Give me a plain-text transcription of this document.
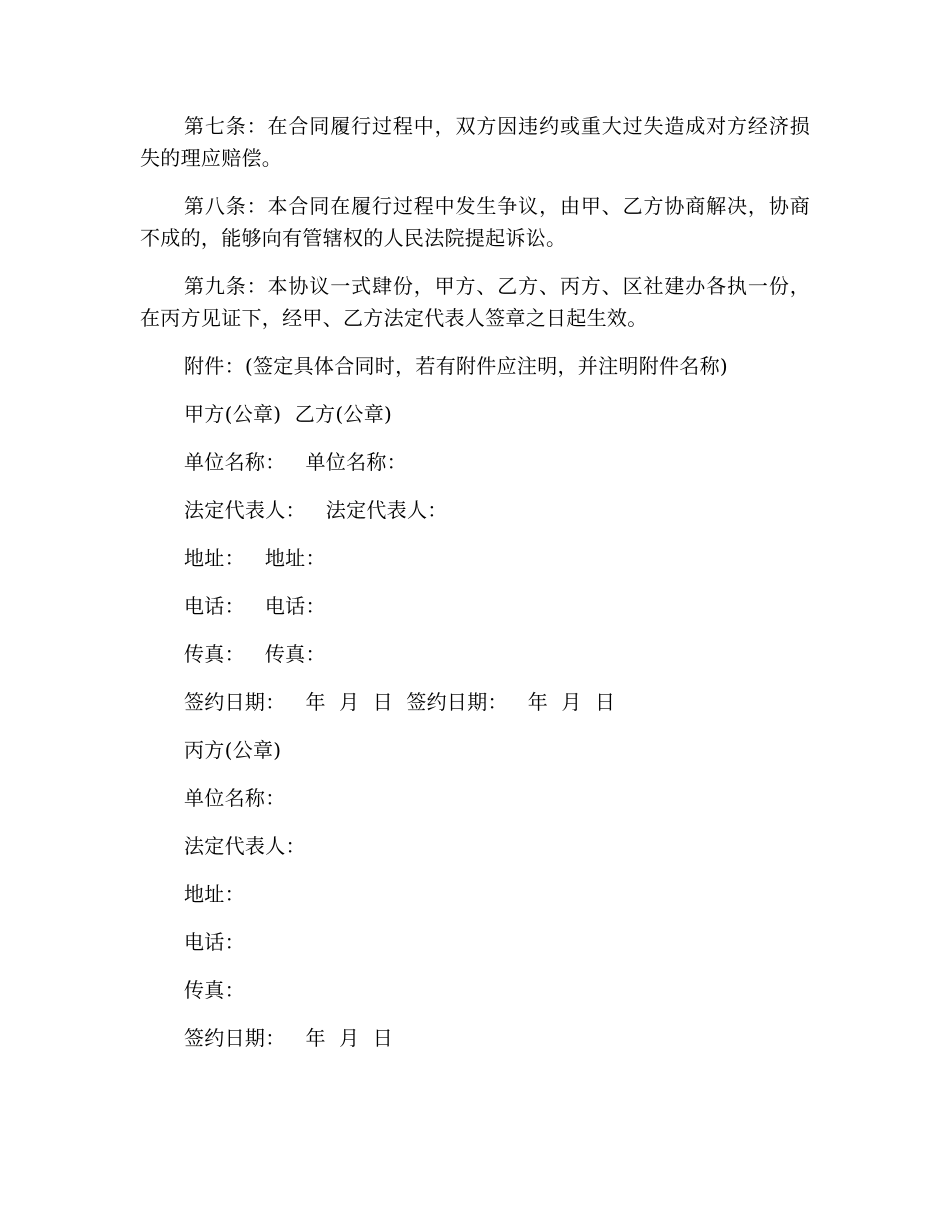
第七条：在合同履行过程中，双方因违约或重大过失造成对方经济损失的理应赔偿。

第八条：本合同在履行过程中发生争议，由甲、乙方协商解决，协商不成的，能够向有管辖权的人民法院提起诉讼。

第九条：本协议一式肆份，甲方、乙方、丙方、区社建办各执一份，在丙方见证下，经甲、乙方法定代表人签章之日起生效。

附件：(签定具体合同时，若有附件应注明，并注明附件名称)
甲方(公章)  乙方(公章)
单位名称：   单位名称：
法定代表人：   法定代表人：
地址：   地址：
电话：   电话：
传真：   传真：
签约日期：   年  月  日  签约日期：   年  月  日
丙方(公章)
单位名称：
法定代表人：
地址：
电话：
传真：
签约日期：   年  月  日
